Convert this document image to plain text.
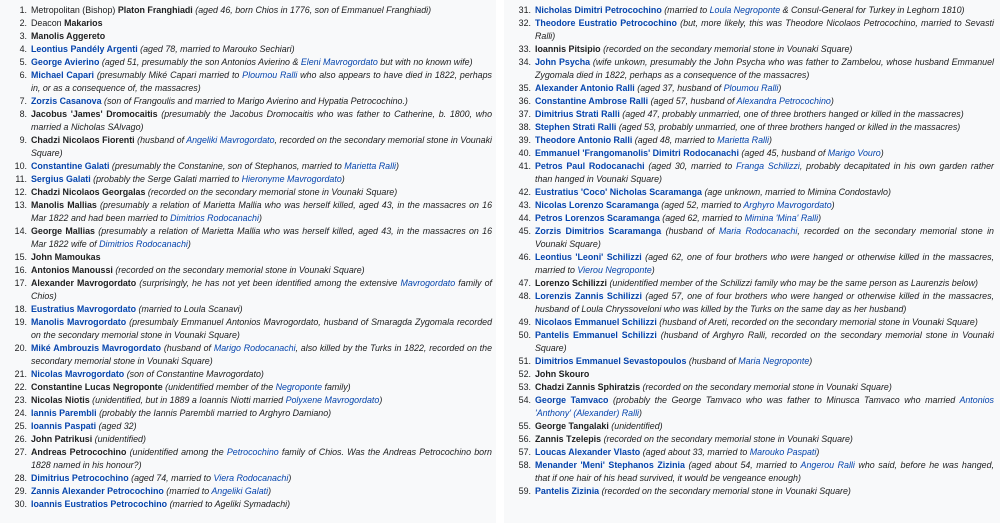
1. Metropolitan (Bishop) Platon Franghiadi (aged 46, born Chios in 1776, son of Emmanuel Franghiadi)
2. Deacon Makarios
3. Manolis Aggereto
4. Leontius Pandély Argenti (aged 78, married to Marouko Sechiari)
5. George Avierino (aged 51, presumably the son Antonios Avierino & Eleni Mavrogordato but with no known wife)
6. Michael Capari (presumably Miké Capari married to Ploumou Ralli who also appears to have died in 1822, perhaps in, or as a consequence of, the massacres)
7. Zorzis Casanova (son of Frangoulis and married to Marigo Avierino and Hypatia Petrocochino.)
8. Jacobus 'James' Dromocaitis (presumably the Jacobus Dromocaitis who was father to Catherine, b. 1800, who married a Nicholas SAlvago)
9. Chadzi Nicolaos Fiorenti (husband of Angeliki Mavrogordato, recorded on the secondary memorial stone in Vounaki Square)
10. Constantine Galati (presumably the Constanine, son of Stephanos, married to Marietta Ralli)
11. Sergius Galati (probably the Serge Galati married to Hieronyme Mavrogordato)
12. Chadzi Nicolaos Georgalas (recorded on the secondary memorial stone in Vounaki Square)
13. Manolis Mallias (presumably a relation of Marietta Mallia who was herself killed, aged 43, in the massacres on 16 Mar 1822 and had been married to Dimitrios Rodocanachi)
14. George Mallias (presumably a relation of Marietta Mallia who was herself killed, aged 43, in the massacres on 16 Mar 1822 wife of Dimitrios Rodocanachi)
15. John Mamoukas
16. Antonios Manoussi (recorded on the secondary memorial stone in Vounaki Square)
17. Alexander Mavrogordato (surprisingly, he has not yet been identified among the extensive Mavrogordato family of Chios)
18. Eustratius Mavrogordato (married to Loula Scanavi)
19. Manolis Mavrogordato (presumbaly Emmanuel Antonios Mavrogordato, husband of Smaragda Zygomala recorded on the secondary memorial stone in Vounaki Square)
20. Miké Ambrouzis Mavrogordato (husband of Marigo Rodocanachi, also killed by the Turks in 1822, recorded on the secondary memorial stone in Vounaki Square)
21. Nicolas Mavrogordato (son of Constantine Mavrogordato)
22. Constantine Lucas Negroponte (unidentified member of the Negroponte family)
23. Nicolas Niotis (unidentified, but in 1889 a Ioannis Niotti married Polyxene Mavrogordato)
24. Iannis Parembli (probably the Iannis Parembli married to Arghyro Damiano)
25. Ioannis Paspati (aged 32)
26. John Patrikusi (unidentified)
27. Andreas Petrocochino (unidentified among the Petrocochino family of Chios. Was the Andreas Petrocochino born 1828 named in his honour?)
28. Dimitrius Petrocochino (aged 74, married to Viera Rodocanachi)
29. Zannis Alexander Petrocochino (married to Angeliki Galati)
30. Ioannis Eustratios Petrocochino (married to Ageliki Symadachi)
31. Nicholas Dimitri Petrocochino (married to Loula Negroponte & Consul-General for Turkey in Leghorn 1810)
32. Theodore Eustratio Petrocochino (but, more likely, this was Theodore Nicolaos Petrocochino, married to Sevasti Ralli)
33. Ioannis Pitsipio (recorded on the secondary memorial stone in Vounaki Square)
34. John Psycha (wife unkown, presumably the John Psycha who was father to Zambelou, whose husband Emmanuel Zygomala died in 1822, perhaps as a consequence of the massacres)
35. Alexander Antonio Ralli (aged 37, husband of Ploumou Ralli)
36. Constantine Ambrose Ralli (aged 57, husband of Alexandra Petrocochino)
37. Dimitrius Strati Ralli (aged 47, probably unmarried, one of three brothers hanged or killed in the massacres)
38. Stephen Strati Ralli (aged 53, probably unmarried, one of three brothers hanged or killed in the massacres)
39. Theodore Antonio Ralli (aged 48, married to Marietta Ralli)
40. Emmanuel 'Frangomanolis' Dimitri Rodocanachi (aged 45, husband of Marigo Vouro)
41. Petros Paul Rodocanachi (aged 30, married to Franga Schilizzi, probably decapitated in his own garden rather than hanged in Vounaki Square)
42. Eustratius 'Coco' Nicholas Scaramanga (age unknown, married to Mimina Condostavlo)
43. Nicolas Lorenzo Scaramanga (aged 52, married to Arghyro Mavrogordato)
44. Petros Lorenzos Scaramanga (aged 62, married to Mimina 'Mina' Ralli)
45. Zorzis Dimitrios Scaramanga (husband of Maria Rodocanachi, recorded on the secondary memorial stone in Vounaki Square)
46. Leontius 'Leoni' Schilizzi (aged 62, one of four brothers who were hanged or otherwise killed in the massacres, married to Vierou Negroponte)
47. Lorenzo Schilizzi (unidentified member of the Schilizzi family who may be the same person as Laurenzis below)
48. Lorenzis Zannis Schilizzi (aged 57, one of four brothers who were hanged or otherwise killed in the massacres, husband of Loula Chryssoveloni who was killed by the Turks on the same day as her husband)
49. Nicolaos Emmanuel Schilizzi (husband of Areti, recorded on the secondary memorial stone in Vounaki Square)
50. Pantelis Emmanuel Schilizzi (husband of Arghyro Ralli, recorded on the secondary memorial stone in Vounaki Square)
51. Dimitrios Emmanuel Sevastopoulos (husband of Maria Negroponte)
52. John Skouro
53. Chadzi Zannis Sphiratzis (recorded on the secondary memorial stone in Vounaki Square)
54. George Tamvaco (probably the George Tamvaco who was father to Minusca Tamvaco who married Antonios 'Anthony' (Alexander) Ralli)
55. George Tangalaki (unidentified)
56. Zannis Tzelepis (recorded on the secondary memorial stone in Vounaki Square)
57. Loucas Alexander Vlasto (aged about 33, married to Marouko Paspati)
58. Menander 'Meni' Stephanos Zizinia (aged about 54, married to Angerou Ralli who said, before he was hanged, that if one hair of his head survived, it would be vengeance enough)
59. Pantelis Zizinia (recorded on the secondary memorial stone in Vounaki Square)
